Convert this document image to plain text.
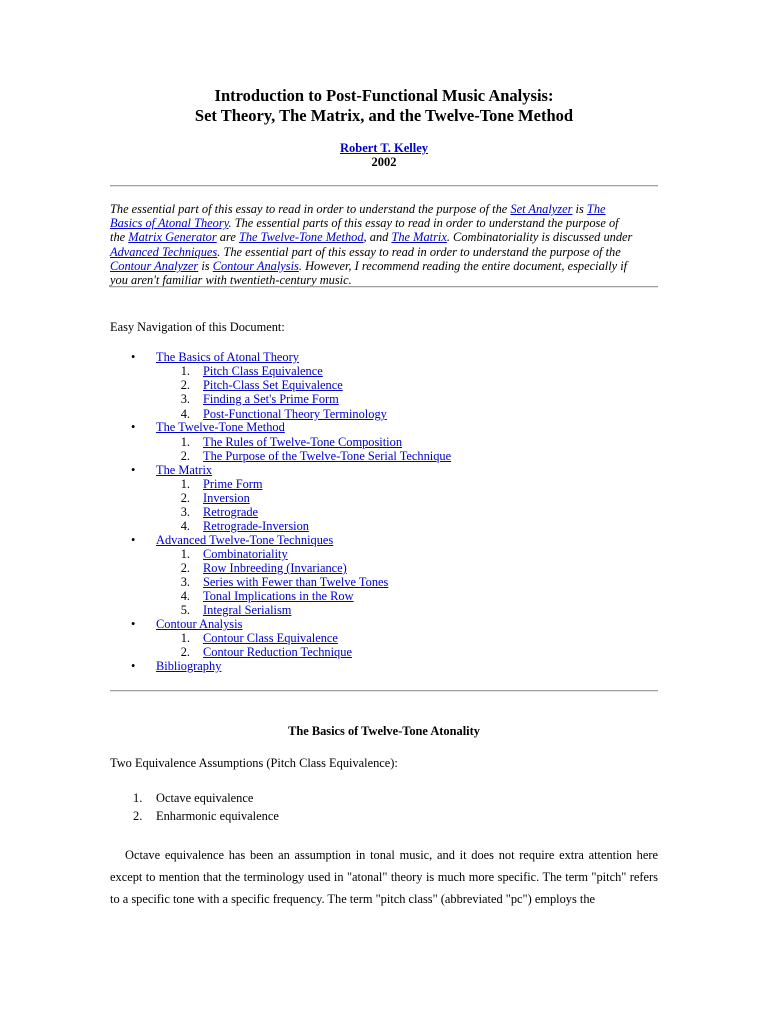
Introduction to Post-Functional Music Analysis:
Set Theory, The Matrix, and the Twelve-Tone Method
Robert T. Kelley
2002
The essential part of this essay to read in order to understand the purpose of the Set Analyzer is The
Basics of Atonal Theory. The essential parts of this essay to read in order to understand the purpose of
the Matrix Generator are The Twelve-Tone Method, and The Matrix. Combinatoriality is discussed under
Advanced Techniques. The essential part of this essay to read in order to understand the purpose of the
Contour Analyzer is Contour Analysis. However, I recommend reading the entire document, especially if
you aren't familiar with twentieth-century music.
Easy Navigation of this Document:
• The Basics of Atonal Theory
1. Pitch Class Equivalence
2. Pitch-Class Set Equivalence
3. Finding a Set's Prime Form
4. Post-Functional Theory Terminology
• The Twelve-Tone Method
1. The Rules of Twelve-Tone Composition
2. The Purpose of the Twelve-Tone Serial Technique
• The Matrix
1. Prime Form
2. Inversion
3. Retrograde
4. Retrograde-Inversion
• Advanced Twelve-Tone Techniques
1. Combinatoriality
2. Row Inbreeding (Invariance)
3. Series with Fewer than Twelve Tones
4. Tonal Implications in the Row
5. Integral Serialism
• Contour Analysis
1. Contour Class Equivalence
2. Contour Reduction Technique
• Bibliography
The Basics of Twelve-Tone Atonality
Two Equivalence Assumptions (Pitch Class Equivalence):
1. Octave equivalence
2. Enharmonic equivalence
Octave equivalence has been an assumption in tonal music, and it does not require extra attention here except to mention that the terminology used in "atonal" theory is much more specific. The term "pitch" refers to a specific tone with a specific frequency. The term "pitch class" (abbreviated "pc") employs the
